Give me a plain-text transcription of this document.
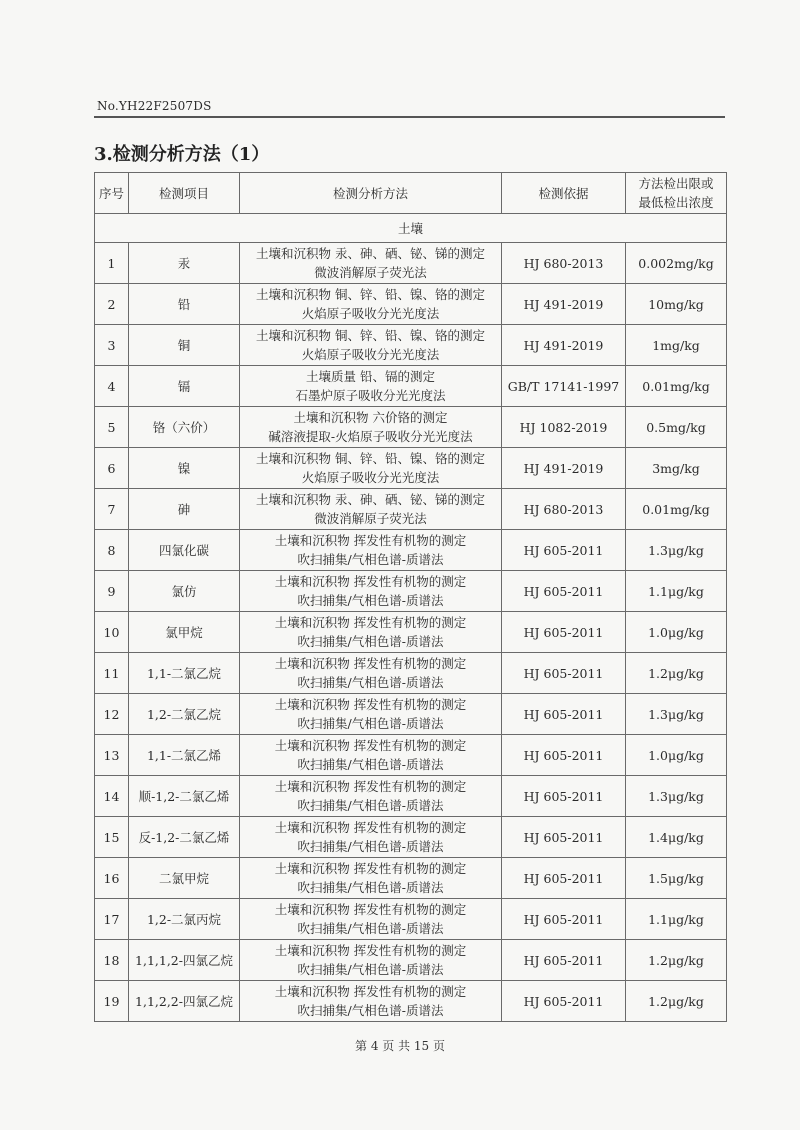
No.YH22F2507DS
3.检测分析方法（1）
序号	检测项目	检测分析方法	检测依据	方法检出限或
最低检出浓度

土壤				
1	汞	土壤和沉积物 汞、砷、硒、铋、锑的测定
微波消解原子荧光法	HJ 680-2013	0.002mg/kg
2	铅	土壤和沉积物 铜、锌、铅、镍、铬的测定
火焰原子吸收分光光度法	HJ 491-2019	10mg/kg
3	铜	土壤和沉积物 铜、锌、铅、镍、铬的测定
火焰原子吸收分光光度法	HJ 491-2019	1mg/kg
4	镉	土壤质量 铅、镉的测定
石墨炉原子吸收分光光度法	GB/T 17141-1997	0.01mg/kg
5	铬（六价）	土壤和沉积物 六价铬的测定
碱溶液提取-火焰原子吸收分光光度法	HJ 1082-2019	0.5mg/kg
6	镍	土壤和沉积物 铜、锌、铅、镍、铬的测定
火焰原子吸收分光光度法	HJ 491-2019	3mg/kg
7	砷	土壤和沉积物 汞、砷、硒、铋、锑的测定
微波消解原子荧光法	HJ 680-2013	0.01mg/kg
8	四氯化碳	土壤和沉积物 挥发性有机物的测定
吹扫捕集/气相色谱-质谱法	HJ 605-2011	1.3μg/kg
9	氯仿	土壤和沉积物 挥发性有机物的测定
吹扫捕集/气相色谱-质谱法	HJ 605-2011	1.1μg/kg
10	氯甲烷	土壤和沉积物 挥发性有机物的测定
吹扫捕集/气相色谱-质谱法	HJ 605-2011	1.0μg/kg
11	1,1-二氯乙烷	土壤和沉积物 挥发性有机物的测定
吹扫捕集/气相色谱-质谱法	HJ 605-2011	1.2μg/kg
12	1,2-二氯乙烷	土壤和沉积物 挥发性有机物的测定
吹扫捕集/气相色谱-质谱法	HJ 605-2011	1.3μg/kg
13	1,1-二氯乙烯	土壤和沉积物 挥发性有机物的测定
吹扫捕集/气相色谱-质谱法	HJ 605-2011	1.0μg/kg
14	顺-1,2-二氯乙烯	土壤和沉积物 挥发性有机物的测定
吹扫捕集/气相色谱-质谱法	HJ 605-2011	1.3μg/kg
15	反-1,2-二氯乙烯	土壤和沉积物 挥发性有机物的测定
吹扫捕集/气相色谱-质谱法	HJ 605-2011	1.4μg/kg
16	二氯甲烷	土壤和沉积物 挥发性有机物的测定
吹扫捕集/气相色谱-质谱法	HJ 605-2011	1.5μg/kg
17	1,2-二氯丙烷	土壤和沉积物 挥发性有机物的测定
吹扫捕集/气相色谱-质谱法	HJ 605-2011	1.1μg/kg
18	1,1,1,2-四氯乙烷	土壤和沉积物 挥发性有机物的测定
吹扫捕集/气相色谱-质谱法	HJ 605-2011	1.2μg/kg
19	1,1,2,2-四氯乙烷	土壤和沉积物 挥发性有机物的测定
吹扫捕集/气相色谱-质谱法	HJ 605-2011	1.2μg/kg
第 4 页 共 15 页
